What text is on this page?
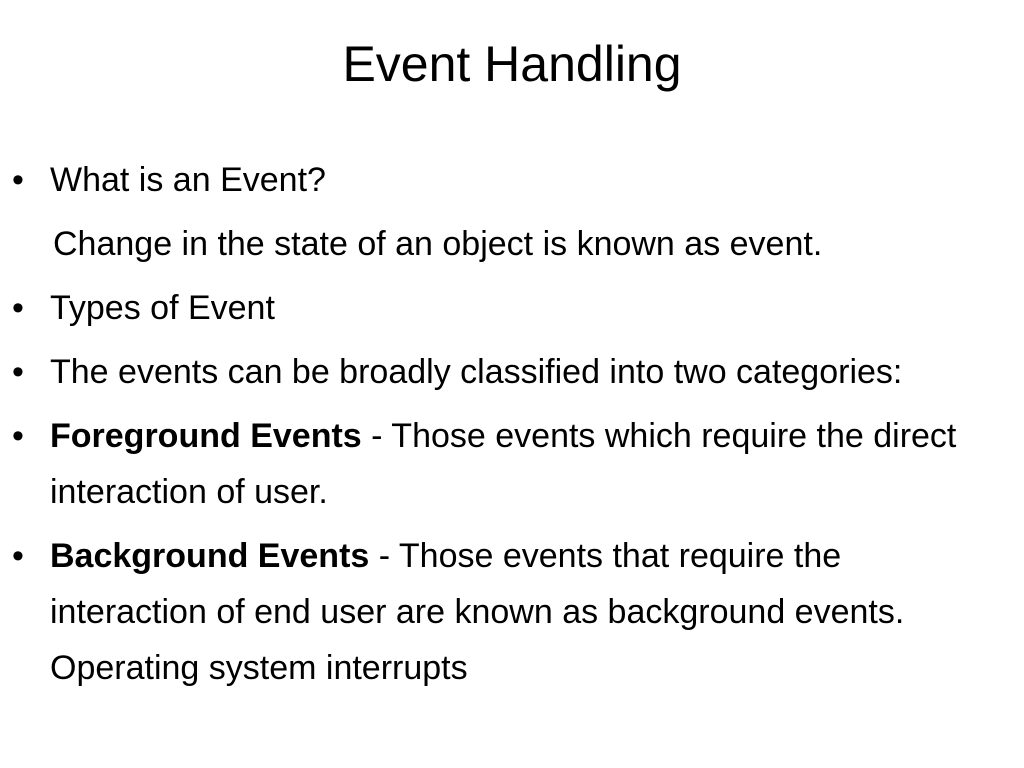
Event Handling
• What is an Event?
Change in the state of an object is known as event.
• Types of Event
• The events can be broadly classified into two categories:
• Foreground Events - Those events which require the direct interaction of user.
• Background Events - Those events that require the interaction of end user are known as background events. Operating system interrupts
